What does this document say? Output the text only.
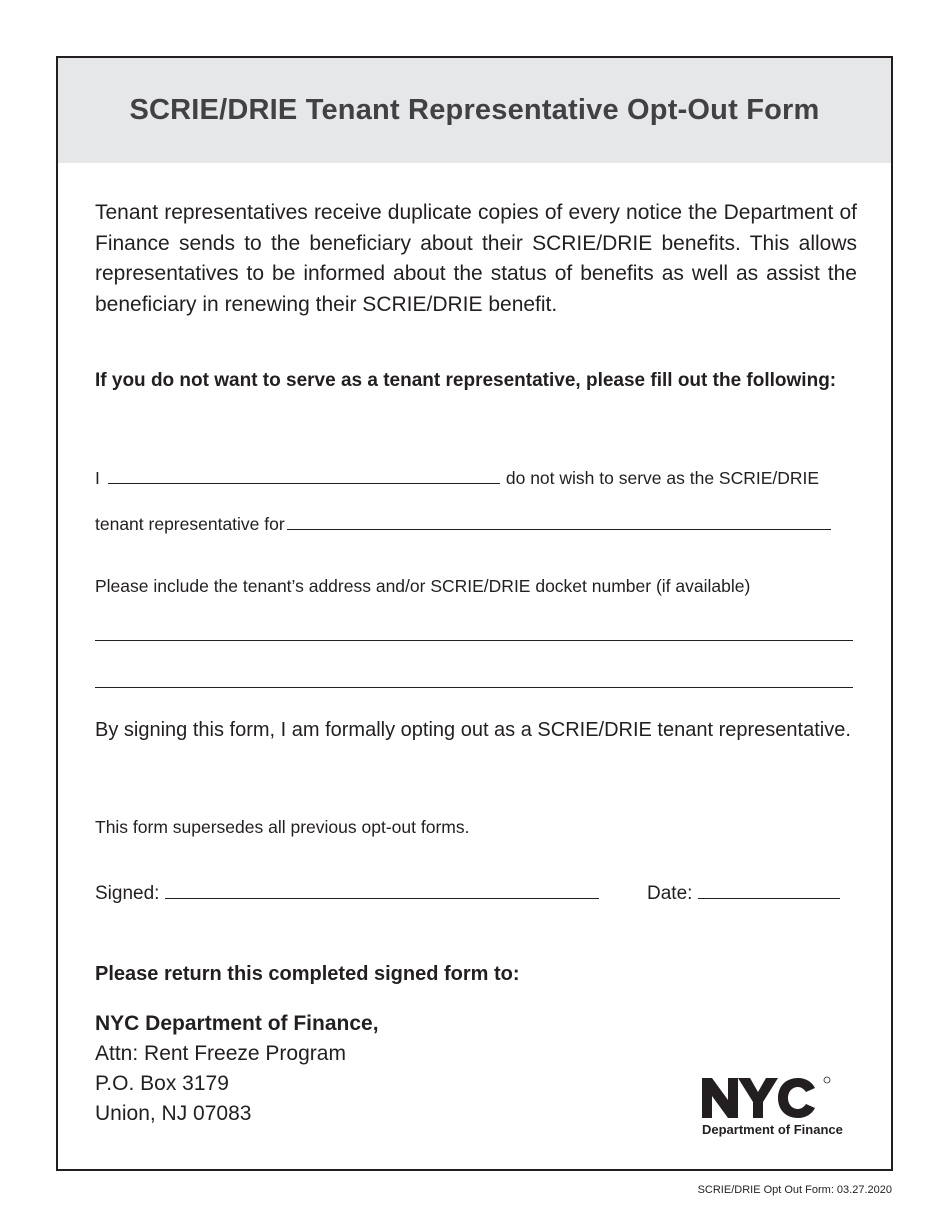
SCRIE/DRIE Tenant Representative Opt-Out Form

Tenant representatives receive duplicate copies of every notice the Department of Finance sends to the beneficiary about their SCRIE/DRIE benefits. This allows representatives to be informed about the status of benefits as well as assist the beneficiary in renewing their SCRIE/DRIE benefit.

If you do not want to serve as a tenant representative, please fill out the following:

I	do not wish to serve as the SCRIE/DRIE
tenant representative for

Please include the tenant’s address and/or SCRIE/DRIE docket number (if available)

By signing this form, I am formally opting out as a SCRIE/DRIE tenant representative.

This form supersedes all previous opt-out forms.

Signed:	Date:

Please return this completed signed form to:

NYC Department of Finance,
Attn: Rent Freeze Program
P.O. Box 3179
Union, NJ 07083

Department of Finance

SCRIE/DRIE Opt Out Form: 03.27.2020
